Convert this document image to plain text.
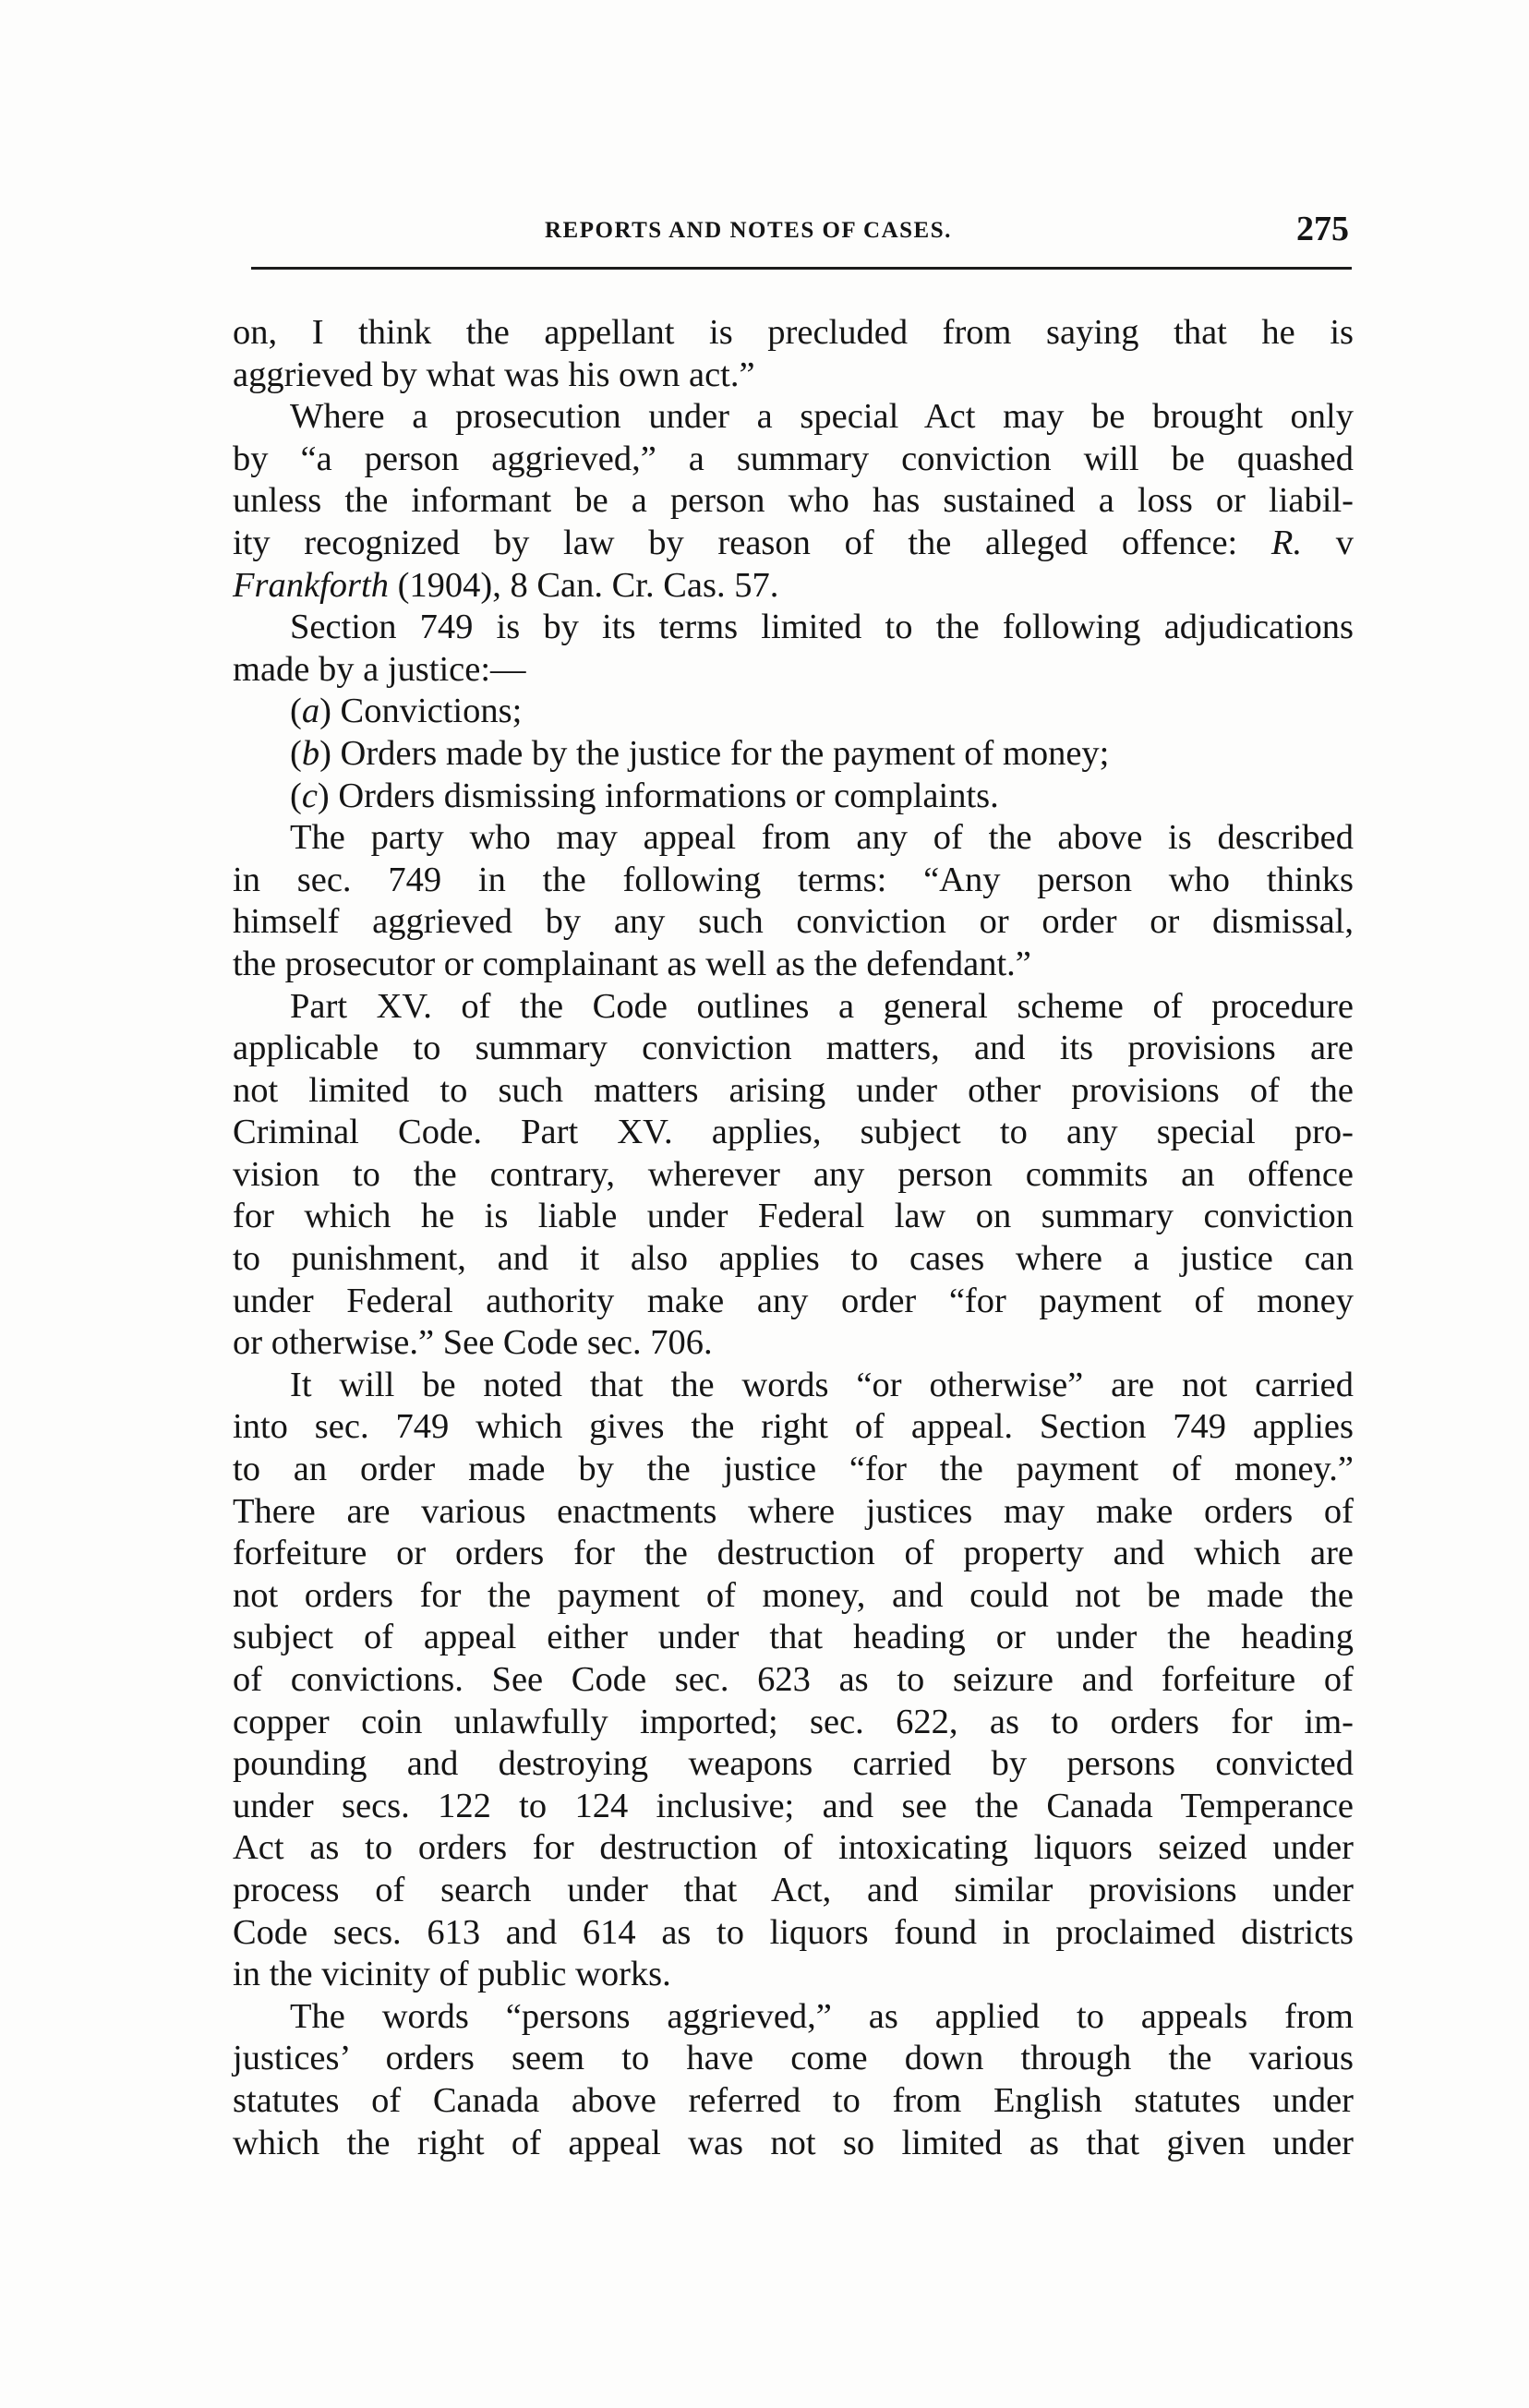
REPORTS AND NOTES OF CASES.	275

on, I think the appellant is precluded from saying that he is
aggrieved by what was his own act.”

Where a prosecution under a special Act may be brought only
by “a person aggrieved,” a summary conviction will be quashed
unless the informant be a person who has sustained a loss or liabil-
ity recognized by law by reason of the alleged offence: R. v
Frankforth (1904), 8 Can. Cr. Cas. 57.

Section 749 is by its terms limited to the following adjudications
made by a justice:—

(a) Convictions;

(b) Orders made by the justice for the payment of money;

(c) Orders dismissing informations or complaints.

The party who may appeal from any of the above is described
in sec. 749 in the following terms: “Any person who thinks
himself aggrieved by any such conviction or order or dismissal,
the prosecutor or complainant as well as the defendant.”

Part XV. of the Code outlines a general scheme of procedure
applicable to summary conviction matters, and its provisions are
not limited to such matters arising under other provisions of the
Criminal Code. Part XV. applies, subject to any special pro-
vision to the contrary, wherever any person commits an offence
for which he is liable under Federal law on summary conviction
to punishment, and it also applies to cases where a justice can
under Federal authority make any order “for payment of money
or otherwise.” See Code sec. 706.

It will be noted that the words “or otherwise” are not carried
into sec. 749 which gives the right of appeal. Section 749 applies
to an order made by the justice “for the payment of money.”
There are various enactments where justices may make orders of
forfeiture or orders for the destruction of property and which are
not orders for the payment of money, and could not be made the
subject of appeal either under that heading or under the heading
of convictions. See Code sec. 623 as to seizure and forfeiture of
copper coin unlawfully imported; sec. 622, as to orders for im-
pounding and destroying weapons carried by persons convicted
under secs. 122 to 124 inclusive; and see the Canada Temperance
Act as to orders for destruction of intoxicating liquors seized under
process of search under that Act, and similar provisions under
Code secs. 613 and 614 as to liquors found in proclaimed districts
in the vicinity of public works.

The words “persons aggrieved,” as applied to appeals from
justices’ orders seem to have come down through the various
statutes of Canada above referred to from English statutes under
which the right of appeal was not so limited as that given under
